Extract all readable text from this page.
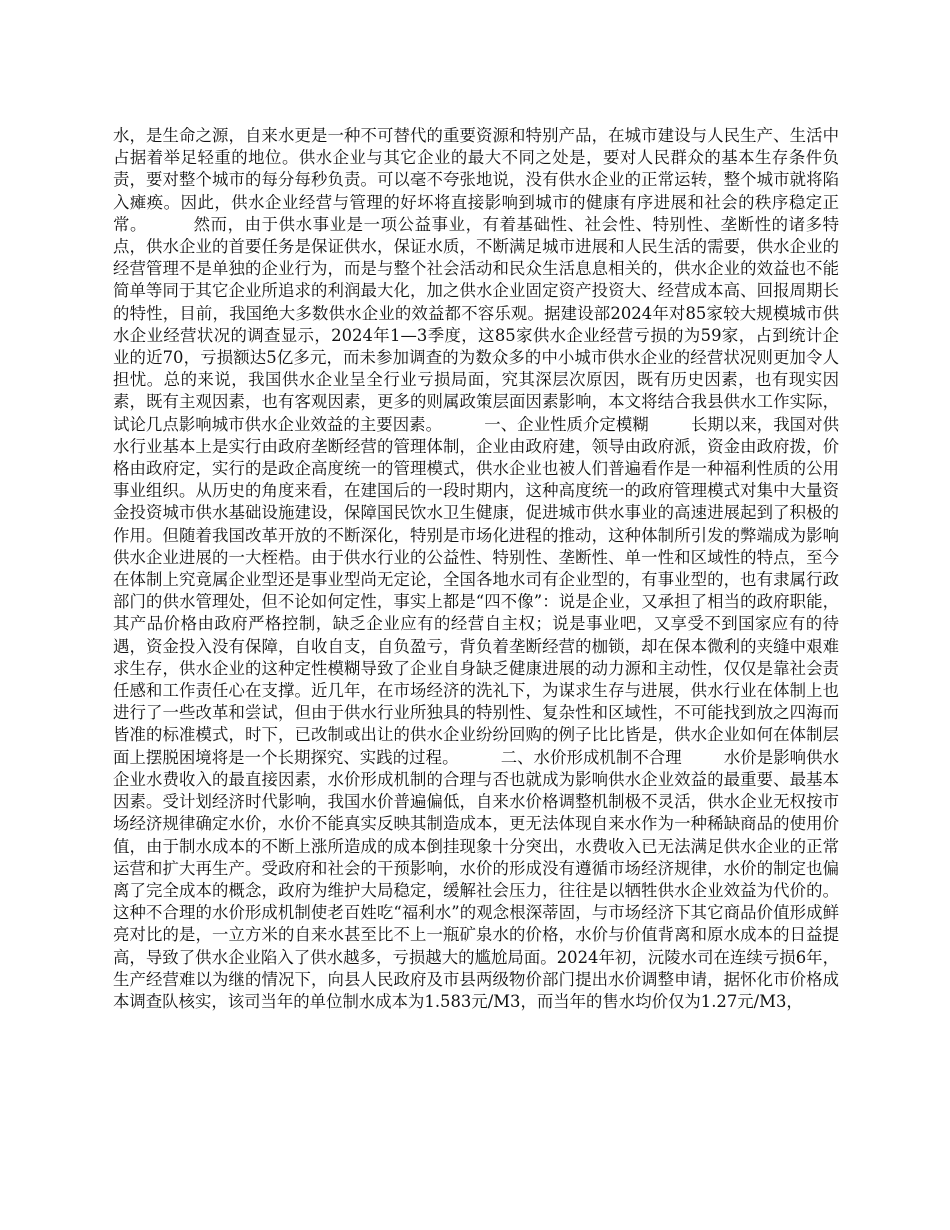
水，是生命之源，自来水更是一种不可替代的重要资源和特别产品，在城市建设与人民生产、生活中占据着举足轻重的地位。供水企业与其它企业的最大不同之处是，要对人民群众的基本生存条件负责，要对整个城市的每分每秒负责。可以毫不夸张地说，没有供水企业的正常运转，整个城市就将陷入瘫痪。因此，供水企业经营与管理的好坏将直接影响到城市的健康有序进展和社会的秩序稳定正常。        然而，由于供水事业是一项公益事业，有着基础性、社会性、特别性、垄断性的诸多特点，供水企业的首要任务是保证供水，保证水质，不断满足城市进展和人民生活的需要，供水企业的经营管理不是单独的企业行为，而是与整个社会活动和民众生活息息相关的，供水企业的效益也不能简单等同于其它企业所追求的利润最大化，加之供水企业固定资产投资大、经营成本高、回报周期长的特性，目前，我国绝大多数供水企业的效益都不容乐观。据建设部2024年对85家较大规模城市供水企业经营状况的调查显示，2024年1—3季度，这85家供水企业经营亏损的为59家，占到统计企业的近70，亏损额达5亿多元，而未参加调查的为数众多的中小城市供水企业的经营状况则更加令人担忧。总的来说，我国供水企业呈全行业亏损局面，究其深层次原因，既有历史因素，也有现实因素，既有主观因素，也有客观因素，更多的则属政策层面因素影响，本文将结合我县供水工作实际，试论几点影响城市供水企业效益的主要因素。        一、企业性质介定模糊        长期以来，我国对供水行业基本上是实行由政府垄断经营的管理体制，企业由政府建，领导由政府派，资金由政府拨，价格由政府定，实行的是政企高度统一的管理模式，供水企业也被人们普遍看作是一种福利性质的公用事业组织。从历史的角度来看，在建国后的一段时期内，这种高度统一的政府管理模式对集中大量资金投资城市供水基础设施建设，保障国民饮水卫生健康，促进城市供水事业的高速进展起到了积极的作用。但随着我国改革开放的不断深化，特别是市场化进程的推动，这种体制所引发的弊端成为影响供水企业进展的一大桎梏。由于供水行业的公益性、特别性、垄断性、单一性和区域性的特点，至今在体制上究竟属企业型还是事业型尚无定论，全国各地水司有企业型的，有事业型的，也有隶属行政部门的供水管理处，但不论如何定性，事实上都是“四不像”：说是企业，又承担了相当的政府职能，其产品价格由政府严格控制，缺乏企业应有的经营自主权；说是事业吧，又享受不到国家应有的待遇，资金投入没有保障，自收自支，自负盈亏，背负着垄断经营的枷锁，却在保本微利的夹缝中艰难求生存，供水企业的这种定性模糊导致了企业自身缺乏健康进展的动力源和主动性，仅仅是靠社会责任感和工作责任心在支撑。近几年，在市场经济的洗礼下，为谋求生存与进展，供水行业在体制上也进行了一些改革和尝试，但由于供水行业所独具的特别性、复杂性和区域性，不可能找到放之四海而皆准的标准模式，时下，已改制或出让的供水企业纷纷回购的例子比比皆是，供水企业如何在体制层面上摆脱困境将是一个长期探究、实践的过程。        二、水价形成机制不合理        水价是影响供水企业水费收入的最直接因素，水价形成机制的合理与否也就成为影响供水企业效益的最重要、最基本因素。受计划经济时代影响，我国水价普遍偏低，自来水价格调整机制极不灵活，供水企业无权按市场经济规律确定水价，水价不能真实反映其制造成本，更无法体现自来水作为一种稀缺商品的使用价值，由于制水成本的不断上涨所造成的成本倒挂现象十分突出，水费收入已无法满足供水企业的正常运营和扩大再生产。受政府和社会的干预影响，水价的形成没有遵循市场经济规律，水价的制定也偏离了完全成本的概念，政府为维护大局稳定，缓解社会压力，往往是以牺牲供水企业效益为代价的。这种不合理的水价形成机制使老百姓吃“福利水”的观念根深蒂固，与市场经济下其它商品价值形成鲜亮对比的是，一立方米的自来水甚至比不上一瓶矿泉水的价格，水价与价值背离和原水成本的日益提高，导致了供水企业陷入了供水越多，亏损越大的尴尬局面。2024年初，沅陵水司在连续亏损6年，生产经营难以为继的情况下，向县人民政府及市县两级物价部门提出水价调整申请，据怀化市价格成本调查队核实，该司当年的单位制水成本为1.583元/M3，而当年的售水均价仅为1.27元/M3，
